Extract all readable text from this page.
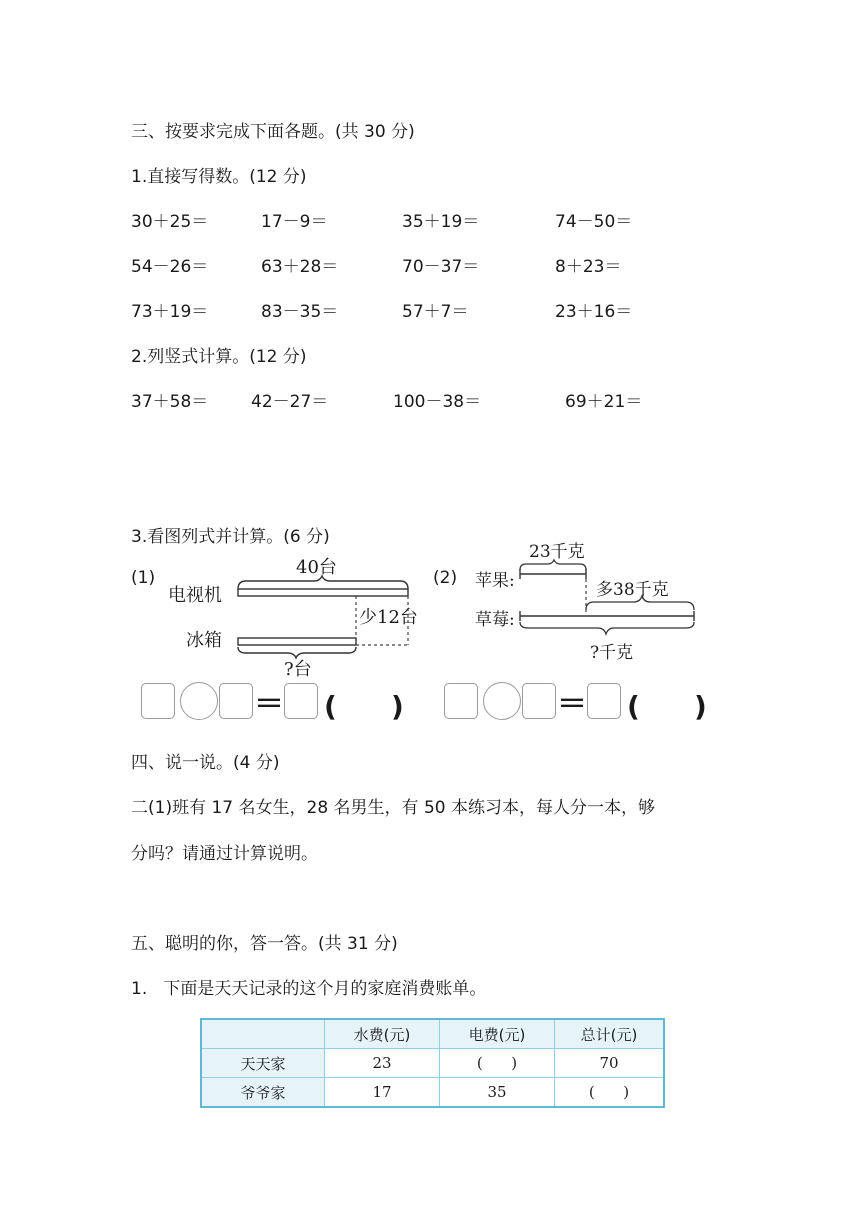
三、按要求完成下面各题。(共 30 分)
1.直接写得数。(12 分)
30＋25＝	17－9＝	35＋19＝	74－50＝
54－26＝	63＋28＝	70－37＝	8＋23＝
73＋19＝	83－35＝	57＋7＝	23＋16＝
2.列竖式计算。(12 分)
37＋58＝	42－27＝	100－38＝	69＋21＝
3.看图列式并计算。(6 分)
(1)
电视机
冰箱
40台
少12台
?台
＝ ( )
(2) 苹果:
草莓:
23千克
多38千克
?千克
＝ ( )
四、说一说。(4 分)
二(1)班有 17 名女生，28 名男生，有 50 本练习本，每人分一本，够
分吗？请通过计算说明。
五、聪明的你，答一答。(共 31 分)
1.   下面是天天记录的这个月的家庭消费账单。
	水费(元)	电费(元)	总计(元)
天天家	23	(      )	70
爷爷家	17	35	(      )
